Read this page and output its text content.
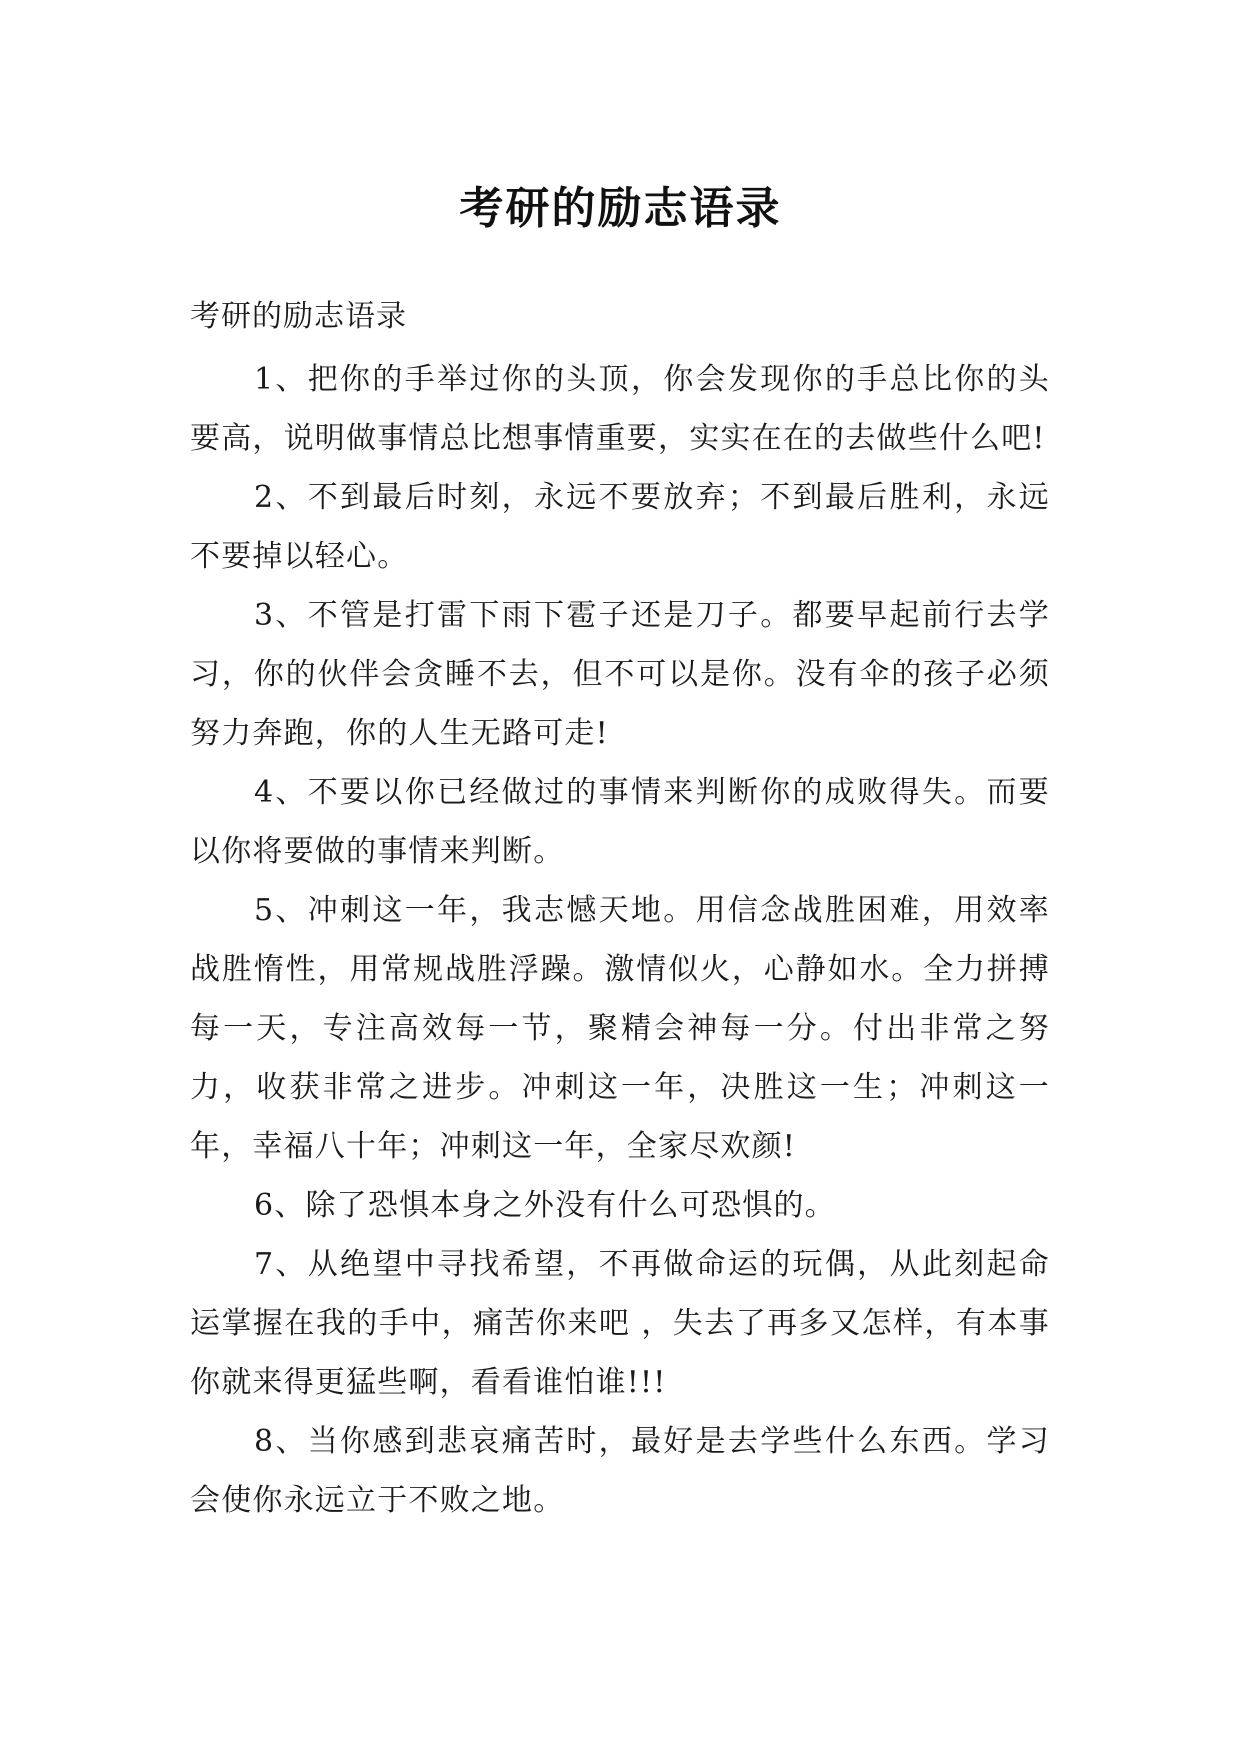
考研的励志语录

考研的励志语录

1、把你的手举过你的头顶，你会发现你的手总比你的头要高，说明做事情总比想事情重要，实实在在的去做些什么吧!

2、不到最后时刻，永远不要放弃；不到最后胜利，永远不要掉以轻心。

3、不管是打雷下雨下雹子还是刀子。都要早起前行去学习，你的伙伴会贪睡不去，但不可以是你。没有伞的孩子必须努力奔跑，你的人生无路可走!

4、不要以你已经做过的事情来判断你的成败得失。而要以你将要做的事情来判断。

5、冲刺这一年，我志憾天地。用信念战胜困难，用效率战胜惰性，用常规战胜浮躁。激情似火，心静如水。全力拼搏每一天，专注高效每一节，聚精会神每一分。付出非常之努力，收获非常之进步。冲刺这一年，决胜这一生；冲刺这一年，幸福八十年；冲刺这一年，全家尽欢颜!

6、除了恐惧本身之外没有什么可恐惧的。

7、从绝望中寻找希望，不再做命运的玩偶，从此刻起命运掌握在我的手中，痛苦你来吧 ，失去了再多又怎样，有本事你就来得更猛些啊，看看谁怕谁!!!

8、当你感到悲哀痛苦时，最好是去学些什么东西。学习会使你永远立于不败之地。
